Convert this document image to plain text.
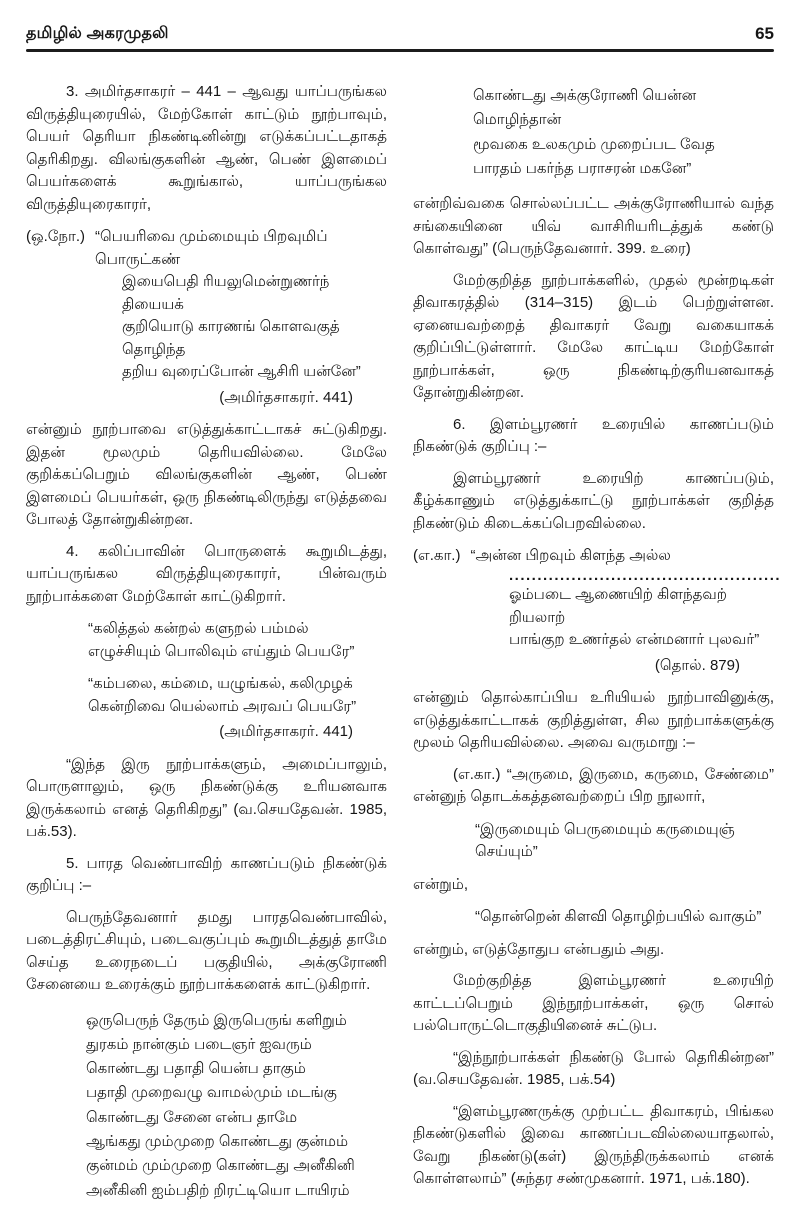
தமிழில் அகரமுதலி	65

3. அமிர்தசாகரர் – 441 – ஆவது யாப்பருங்கல விருத்தியுரையில், மேற்கோள் காட்டும் நூற்பாவும், பெயர் தெரியா நிகண்டினின்று எடுக்கப்பட்டதாகத் தெரிகிறது. விலங்குகளின் ஆண், பெண் இளமைப் பெயர்களைக் கூறுங்கால், யாப்பருங்கல விருத்தியுரைகாரர்,

(ஒ.நோ.) “பெயரிவை மும்மையும் பிறவுமிப் பொருட்கண்
இயைபெதி ரியலுமென்றுணர்ந் தியையக்
குறியொடு காரணங் கொளவகுத் தொழிந்த
தறிய வுரைப்போன் ஆசிரி யன்னே”
(அமிர்தசாகரர். 441)

என்னும் நூற்பாவை எடுத்துக்காட்டாகச் சுட்டுகிறது. இதன் மூலமும் தெரியவில்லை. மேலே குறிக்கப்பெறும் விலங்குகளின் ஆண், பெண் இளமைப் பெயர்கள், ஒரு நிகண்டிலிருந்து எடுத்தவை போலத் தோன்றுகின்றன.

4. கலிப்பாவின் பொருளைக் கூறுமிடத்து, யாப்பருங்கல விருத்தியுரைகாரர், பின்வரும் நூற்பாக்களை மேற்கோள் காட்டுகிறார்.

“கலித்தல் கன்றல் களுறல் பம்மல்
எழுச்சியும் பொலிவும் எய்தும் பெயரே”
“கம்பலை, கம்மை, யழுங்கல், கலிமுழக்
கென்றிவை யெல்லாம் அரவப் பெயரே”
(அமிர்தசாகரர். 441)

“இந்த இரு நூற்பாக்களும், அமைப்பாலும், பொருளாலும், ஒரு நிகண்டுக்கு உரியனவாக இருக்கலாம் எனத் தெரிகிறது” (வ.செயதேவன். 1985, பக்.53).

5. பாரத வெண்பாவிற் காணப்படும் நிகண்டுக் குறிப்பு :–

பெருந்தேவனார் தமது பாரதவெண்பாவில், படைத்திரட்சியும், படைவகுப்பும் கூறுமிடத்துத் தாமே செய்த உரைநடைப் பகுதியில், அக்குரோணி சேனையை உரைக்கும் நூற்பாக்களைக் காட்டுகிறார்.

ஒருபெருந் தேரும் இருபெருங் களிறும்
துரகம் நான்கும் படைஞர் ஐவரும்
கொண்டது பதாதி யென்ப தாகும்
பதாதி முறைவழு வாமல்மும் மடங்கு
கொண்டது சேனை என்ப தாமே
ஆங்கது மும்முறை கொண்டது குன்மம்
குன்மம் மும்முறை கொண்டது அனீகினி
அனீகினி ஐம்பதிற் றிரட்டியொ டாயிரம்
கொண்டது அக்குரோணி யென்ன மொழிந்தான்
மூவகை உலகமும் முறைப்பட வேத
பாரதம் பகர்ந்த பராசரன் மகனே”

என்றிவ்வகை சொல்லப்பட்ட அக்குரோணியால் வந்த சங்கையினை யிவ் வாசிரியரிடத்துக் கண்டு கொள்வது” (பெருந்தேவனார். 399. உரை)

மேற்குறித்த நூற்பாக்களில், முதல் மூன்றடிகள் திவாகரத்தில் (314–315) இடம் பெற்றுள்ளன. ஏனையவற்றைத் திவாகரர் வேறு வகையாகக் குறிப்பிட்டுள்ளார். மேலே காட்டிய மேற்கோள் நூற்பாக்கள், ஒரு நிகண்டிற்குரியனவாகத் தோன்றுகின்றன.

6. இளம்பூரணர் உரையில் காணப்படும் நிகண்டுக் குறிப்பு :–

இளம்பூரணர் உரையிற் காணப்படும், கீழ்க்காணும் எடுத்துக்காட்டு நூற்பாக்கள் குறித்த நிகண்டும் கிடைக்கப்பெறவில்லை.

(எ.கா.) “அன்ன பிறவும் கிளந்த அல்ல
................................................
ஓம்படை ஆணையிற் கிளந்தவற் றியலாற்
பாங்குற உணர்தல் என்மனார் புலவர்”
(தொல். 879)

என்னும் தொல்காப்பிய உரியியல் நூற்பாவினுக்கு, எடுத்துக்காட்டாகக் குறித்துள்ள, சில நூற்பாக்களுக்கு மூலம் தெரியவில்லை. அவை வருமாறு :–

(எ.கா.) “அருமை, இருமை, கருமை, சேண்மை” என்னுந் தொடக்கத்தனவற்றைப் பிற நூலார்,

“இருமையும் பெருமையும் கருமையுஞ் செய்யும்”

என்றும்,

“தொன்றென் கிளவி தொழிற்பயில் வாகும்”

என்றும், எடுத்தோதுப என்பதும் அது.

மேற்குறித்த இளம்பூரணர் உரையிற் காட்டப்பெறும் இந்நூற்பாக்கள், ஒரு சொல் பல்பொருட்டொகுதியினைச் சுட்டுப.

“இந்நூற்பாக்கள் நிகண்டு போல் தெரிகின்றன” (வ.செயதேவன். 1985, பக்.54)

“இளம்பூரணருக்கு முற்பட்ட திவாகரம், பிங்கல நிகண்டுகளில் இவை காணப்படவில்லையாதலால், வேறு நிகண்டு(கள்) இருந்திருக்கலாம் எனக் கொள்ளலாம்” (சுந்தர சண்முகனார். 1971, பக்.180).
